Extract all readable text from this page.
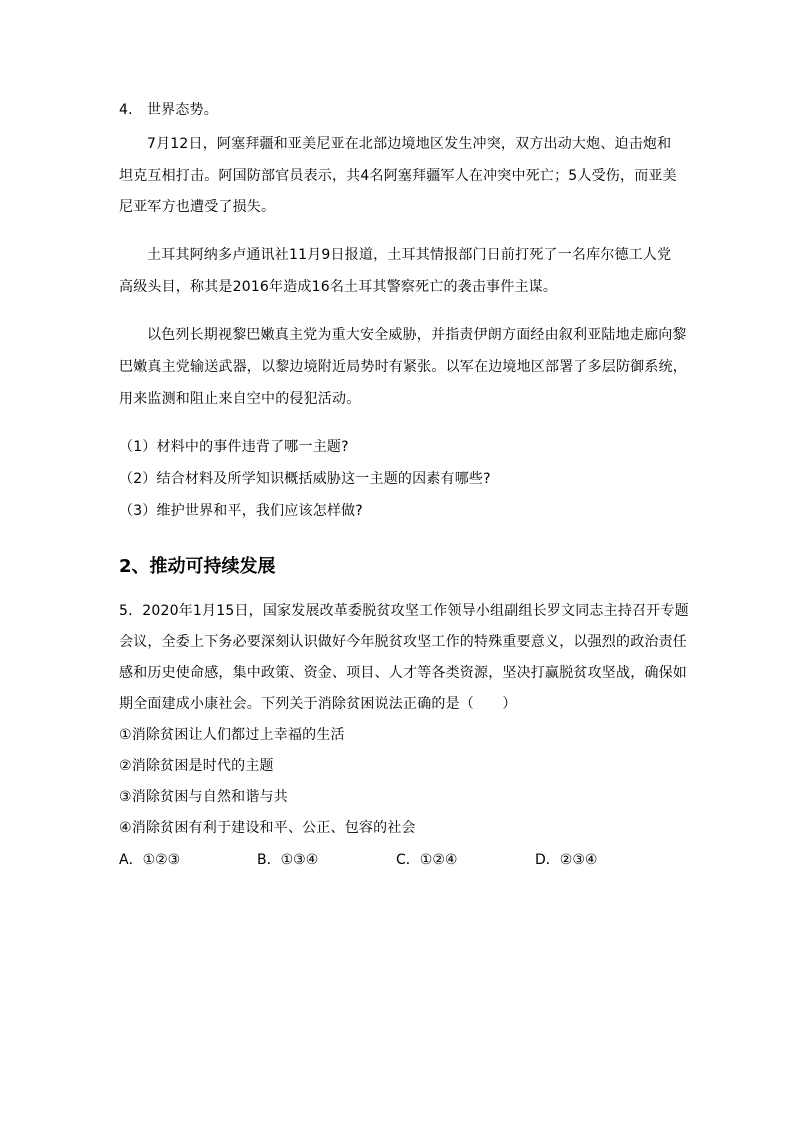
4． 世界态势。
7月12日，阿塞拜疆和亚美尼亚在北部边境地区发生冲突，双方出动大炮、迫击炮和
坦克互相打击。阿国防部官员表示，共4名阿塞拜疆军人在冲突中死亡；5人受伤，而亚美
尼亚军方也遭受了损失。
土耳其阿纳多卢通讯社11月9日报道，土耳其情报部门日前打死了一名库尔德工人党
高级头目，称其是2016年造成16名土耳其警察死亡的袭击事件主谋。
以色列长期视黎巴嫩真主党为重大安全威胁，并指责伊朗方面经由叙利亚陆地走廊向黎
巴嫩真主党输送武器，以黎边境附近局势时有紧张。以军在边境地区部署了多层防御系统，
用来监测和阻止来自空中的侵犯活动。
（1）材料中的事件违背了哪一主题?
（2）结合材料及所学知识概括威胁这一主题的因素有哪些?
（3）维护世界和平，我们应该怎样做?
2、推动可持续发展
5．2020年1月15日，国家发展改革委脱贫攻坚工作领导小组副组长罗文同志主持召开专题
会议，全委上下务必要深刻认识做好今年脱贫攻坚工作的特殊重要意义，以强烈的政治责任
感和历史使命感，集中政策、资金、项目、人才等各类资源，坚决打赢脱贫攻坚战，确保如
期全面建成小康社会。下列关于消除贫困说法正确的是（　　）
①消除贫困让人们都过上幸福的生活
②消除贫困是时代的主题
③消除贫困与自然和谐与共
④消除贫困有利于建设和平、公正、包容的社会
A．①②③	B．①③④	C．①②④	D．②③④
